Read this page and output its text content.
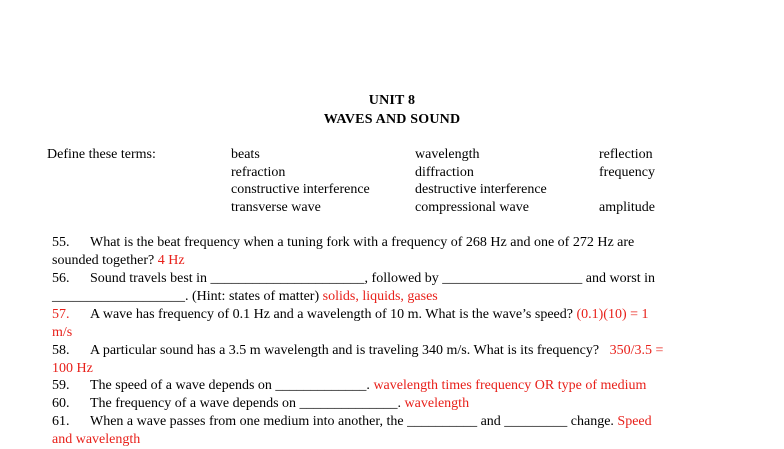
UNIT 8
WAVES AND SOUND
Define these terms:	beats	wavelength	reflection
refraction	diffraction	frequency
constructive interference	destructive interference
transverse wave	compressional wave	amplitude
55. What is the beat frequency when a tuning fork with a frequency of 268 Hz and one of 272 Hz are
sounded together? 4 Hz
56. Sound travels best in ______________________, followed by ____________________ and worst in
___________________. (Hint: states of matter) solids, liquids, gases
57. A wave has frequency of 0.1 Hz and a wavelength of 10 m. What is the wave’s speed? (0.1)(10) = 1
m/s
58. A particular sound has a 3.5 m wavelength and is traveling 340 m/s. What is its frequency? 350/3.5 =
100 Hz
59. The speed of a wave depends on _____________. wavelength times frequency OR type of medium
60. The frequency of a wave depends on ______________. wavelength
61. When a wave passes from one medium into another, the __________ and _________ change. Speed
and wavelength
